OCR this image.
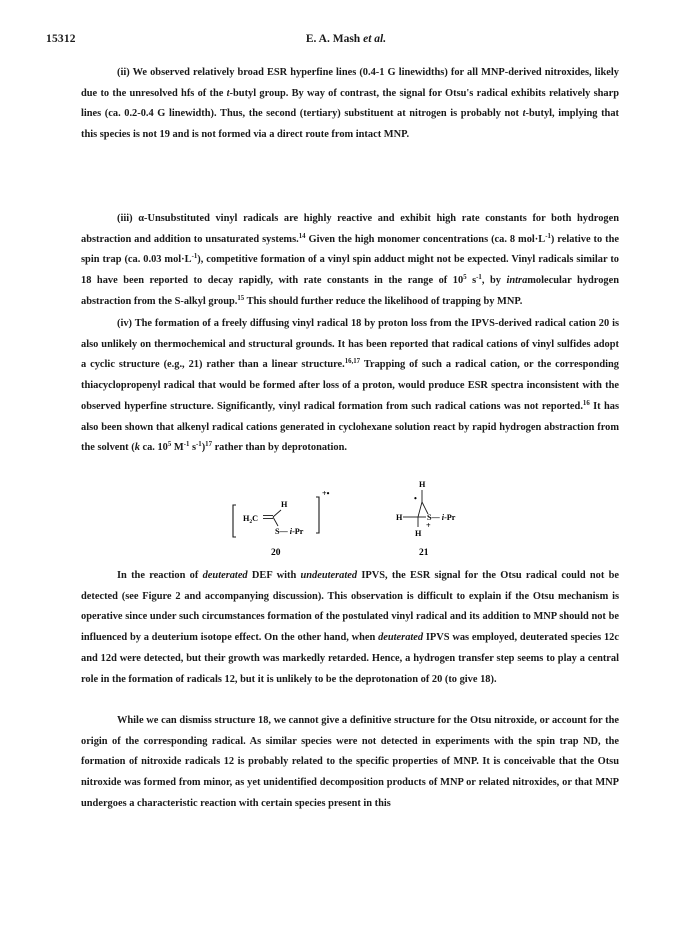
15312	E. A. Mash et al.

(ii) We observed relatively broad ESR hyperfine lines (0.4-1 G linewidths) for all MNP-derived nitroxides, likely due to the unresolved hfs of the t-butyl group. By way of contrast, the signal for Otsu's radical exhibits relatively sharp lines (ca. 0.2-0.4 G linewidth). Thus, the second (tertiary) substituent at nitrogen is probably not t-butyl, implying that this species is not 19 and is not formed via a direct route from intact MNP.

(iii) α-Unsubstituted vinyl radicals are highly reactive and exhibit high rate constants for both hydrogen abstraction and addition to unsaturated systems.$^{14}$ Given the high monomer concentrations (ca. 8 $mol\cdot L^{-1}$) relative to the spin trap (ca. 0.03 $mol\cdot L^{-1}$), competitive formation of a vinyl spin adduct might not be expected. Vinyl radicals similar to 18 have been reported to decay rapidly, with rate constants in the range of $10^5$ $s^{-1}$, by intramolecular hydrogen abstraction from the S-alkyl group.$^{15}$ This should further reduce the likelihood of trapping by MNP.

(iv) The formation of a freely diffusing vinyl radical 18 by proton loss from the IPVS-derived radical cation 20 is also unlikely on thermochemical and structural grounds. It has been reported that radical cations of vinyl sulfides adopt a cyclic structure (e.g., 21) rather than a linear structure.$^{16,17}$ Trapping of such a radical cation, or the corresponding thiacyclopropenyl radical that would be formed after loss of a proton, would produce ESR spectra inconsistent with the observed hyperfine structure. Significantly, vinyl radical formation from such radical cations was not reported.$^{16}$ It has also been shown that alkenyl radical cations generated in cyclohexane solution react by rapid hydrogen abstraction from the solvent (k ca. $10^5$ $M^{-1}$ $s^{-1})^{17}$ rather than by deprotonation.

+•
H
$H_2C$
S— i-Pr
20
H
•
H	S— i-Pr
H
+
21

In the reaction of deuterated DEF with undeuterated IPVS, the ESR signal for the Otsu radical could not be detected (see Figure 2 and accompanying discussion). This observation is difficult to explain if the Otsu mechanism is operative since under such circumstances formation of the postulated vinyl radical and its addition to MNP should not be influenced by a deuterium isotope effect. On the other hand, when deuterated IPVS was employed, deuterated species 12c and 12d were detected, but their growth was markedly retarded. Hence, a hydrogen transfer step seems to play a central role in the formation of radicals 12, but it is unlikely to be the deprotonation of 20 (to give 18).

While we can dismiss structure 18, we cannot give a definitive structure for the Otsu nitroxide, or account for the origin of the corresponding radical. As similar species were not detected in experiments with the spin trap ND, the formation of nitroxide radicals 12 is probably related to the specific properties of MNP. It is conceivable that the Otsu nitroxide was formed from minor, as yet unidentified decomposition products of MNP or related nitroxides, or that MNP undergoes a characteristic reaction with certain species present in this
